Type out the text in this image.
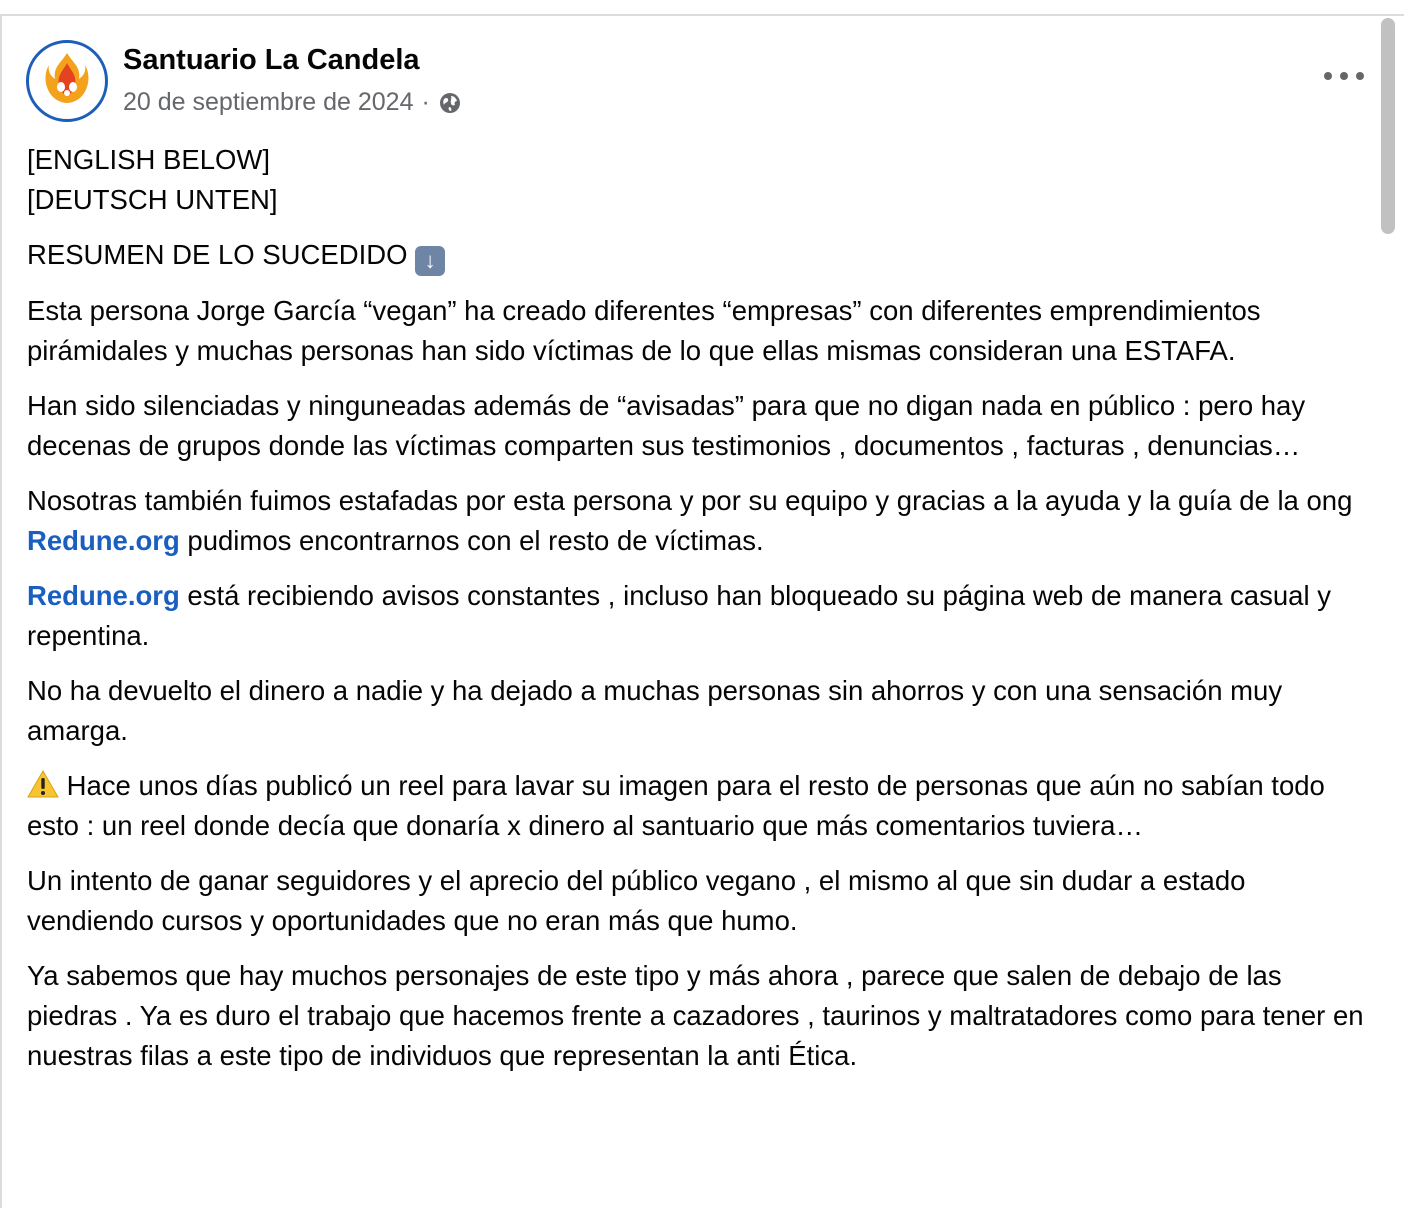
Santuario La Candela
20 de septiembre de 2024 ·

[ENGLISH BELOW]
[DEUTSCH UNTEN]

RESUMEN DE LO SUCEDIDO ↓

Esta persona Jorge García “vegan” ha creado diferentes “empresas” con diferentes emprendimientos pirámidales y muchas personas han sido víctimas de lo que ellas mismas consideran una ESTAFA.

Han sido silenciadas y ninguneadas además de “avisadas” para que no digan nada en público : pero hay decenas de grupos donde las víctimas comparten sus testimonios , documentos , facturas , denuncias…

Nosotras también fuimos estafadas por esta persona y por su equipo y gracias a la ayuda y la guía de la ong Redune.org pudimos encontrarnos con el resto de víctimas.

Redune.org está recibiendo avisos constantes , incluso han bloqueado su página web de manera casual y repentina.

No ha devuelto el dinero a nadie y ha dejado a muchas personas sin ahorros y con una sensación muy amarga.

Hace unos días publicó un reel para lavar su imagen para el resto de personas que aún no sabían todo esto : un reel donde decía que donaría x dinero al santuario que más comentarios tuviera…

Un intento de ganar seguidores y el aprecio del público vegano , el mismo al que sin dudar a estado vendiendo cursos y oportunidades que no eran más que humo.

Ya sabemos que hay muchos personajes de este tipo y más ahora , parece que salen de debajo de las piedras . Ya es duro el trabajo que hacemos frente a cazadores , taurinos y maltratadores como para tener en nuestras filas a este tipo de individuos que representan la anti Ética.
